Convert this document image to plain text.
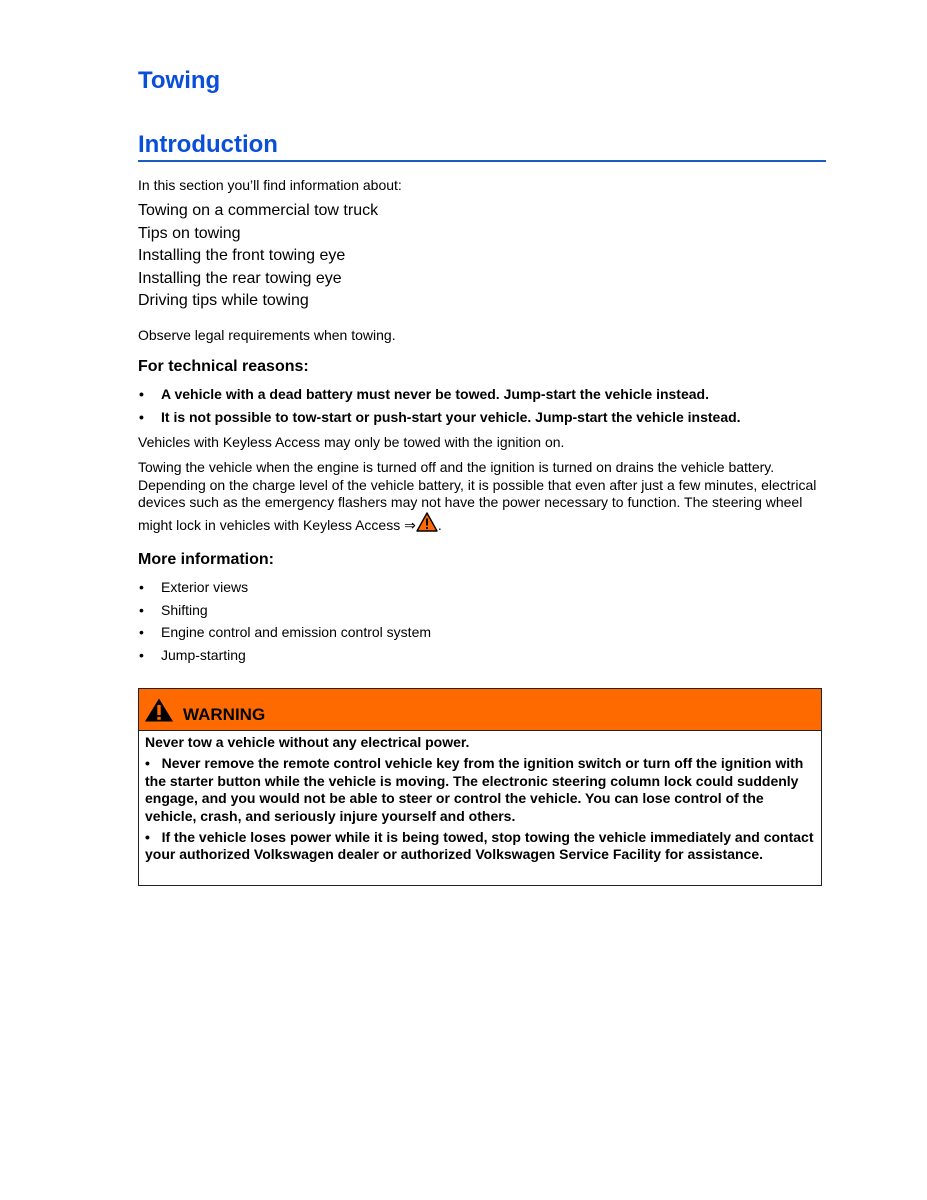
Towing
Introduction
In this section you’ll find information about:
Towing on a commercial tow truck
Tips on towing
Installing the front towing eye
Installing the rear towing eye
Driving tips while towing
Observe legal requirements when towing.
For technical reasons:
• A vehicle with a dead battery must never be towed. Jump-start the vehicle instead.
• It is not possible to tow-start or push-start your vehicle. Jump-start the vehicle instead.

Vehicles with Keyless Access may only be towed with the ignition on.

Towing the vehicle when the engine is turned off and the ignition is turned on drains the vehicle battery. Depending on the charge level of the vehicle battery, it is possible that even after just a few minutes, electrical devices such as the emergency flashers may not have the power necessary to function. The steering wheel might lock in vehicles with Keyless Access ⇒ .

More information:
• Exterior views
• Shifting
• Engine control and emission control system
• Jump-starting
WARNING

Never tow a vehicle without any electrical power.

• Never remove the remote control vehicle key from the ignition switch or turn off the ignition with the starter button while the vehicle is moving. The electronic steering column lock could suddenly engage, and you would not be able to steer or control the vehicle. You can lose control of the vehicle, crash, and seriously injure yourself and others.

• If the vehicle loses power while it is being towed, stop towing the vehicle immediately and contact your authorized Volkswagen dealer or authorized Volkswagen Service Facility for assistance.
